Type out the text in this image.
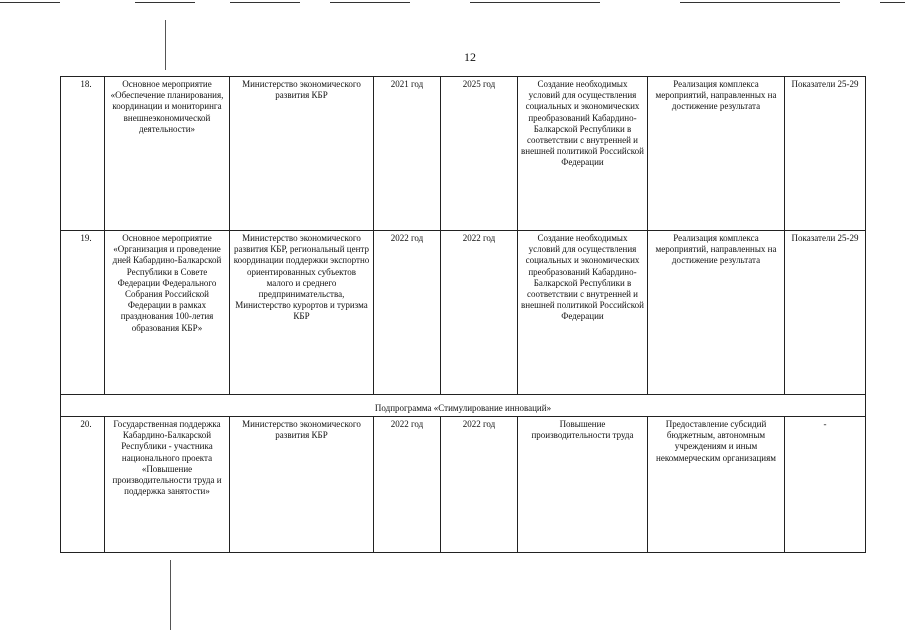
12
18.	Основное мероприятие «Обеспечение планирования, координации и мониторинга внешнеэкономической деятельности»	Министерство экономического развития КБР	2021 год	2025 год	Создание необходимых условий для осуществления социальных и экономических преобразований Кабардино-Балкарской Республики в соответствии с внутренней и внешней политикой Российской Федерации	Реализация комплекса мероприятий, направленных на достижение результата	Показатели 25-29
19.	Основное мероприятие «Организация и проведение дней Кабардино-Балкарской Республики в Совете Федерации Федерального Собрания Российской Федерации в рамках празднования 100-летия образования КБР»	Министерство экономического развития КБР, региональный центр координации поддержки экспортно ориентированных субъектов малого и среднего предпринимательства, Министерство курортов и туризма КБР	2022 год	2022 год	Создание необходимых условий для осуществления социальных и экономических преобразований Кабардино-Балкарской Республики в соответствии с внутренней и внешней политикой Российской Федерации	Реализация комплекса мероприятий, направленных на достижение результата	Показатели 25-29
Подпрограмма «Стимулирование инноваций»							
20.	Государственная поддержка Кабардино-Балкарской Республики - участника национального проекта «Повышение производительности труда и поддержка занятости»	Министерство экономического развития КБР	2022 год	2022 год	Повышение производительности труда	Предоставление субсидий бюджетным, автономным учреждениям и иным некоммерческим организациям	-
